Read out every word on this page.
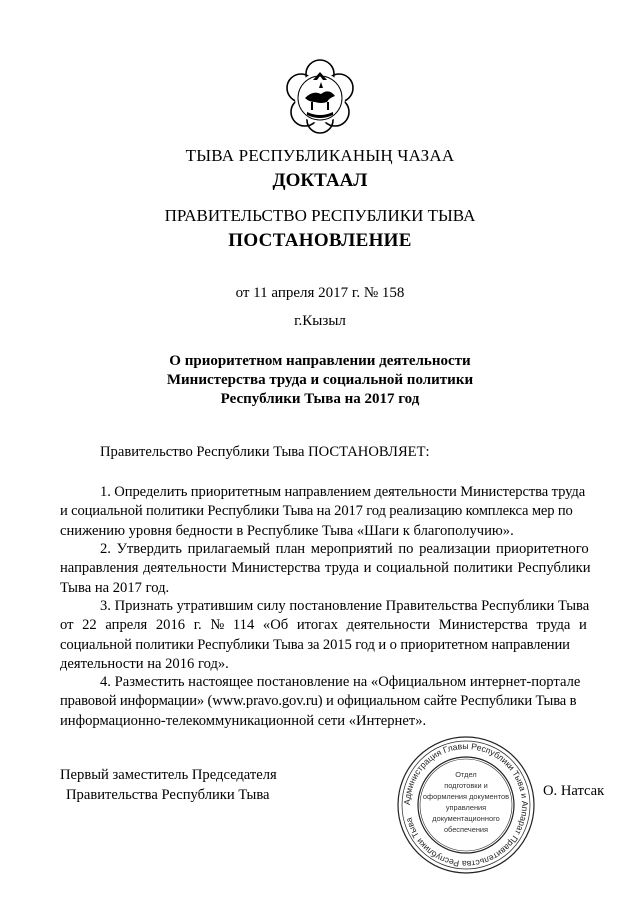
ТЫВА РЕСПУБЛИКАНЫҢ ЧАЗАА
ДОКТААЛ
ПРАВИТЕЛЬСТВО РЕСПУБЛИКИ ТЫВА
ПОСТАНОВЛЕНИЕ
от 11 апреля 2017 г. № 158
г.Кызыл
О приоритетном направлении деятельности
Министерства труда и социальной политики
Республики Тыва на 2017 год
Правительство Республики Тыва ПОСТАНОВЛЯЕТ:
1. Определить приоритетным направлением деятельности Министерства труда
и социальной политики Республики Тыва на 2017 год реализацию комплекса мер по
снижению уровня бедности в Республике Тыва «Шаги к благополучию».
2. Утвердить прилагаемый план мероприятий по реализации приоритетного
направления деятельности Министерства труда и социальной политики Республики
Тыва на 2017 год.
3. Признать утратившим силу постановление Правительства Республики Тыва
от 22 апреля 2016 г. № 114 «Об итогах деятельности Министерства труда и
социальной политики Республики Тыва за 2015 год и о приоритетном направлении
деятельности на 2016 год».
4. Разместить настоящее постановление на «Официальном интернет-портале
правовой информации» (www.pravo.gov.ru) и официальном сайте Республики Тыва в
информационно-телекоммуникационной сети «Интернет».
Первый заместитель Председателя
Правительства Республики Тыва	Администрация Главы Республики Тыва и Аппарат Правительства Республики Тыва
Отдел
подготовки и
оформления документов
управления
документационного
обеспечения
О. Натсак
